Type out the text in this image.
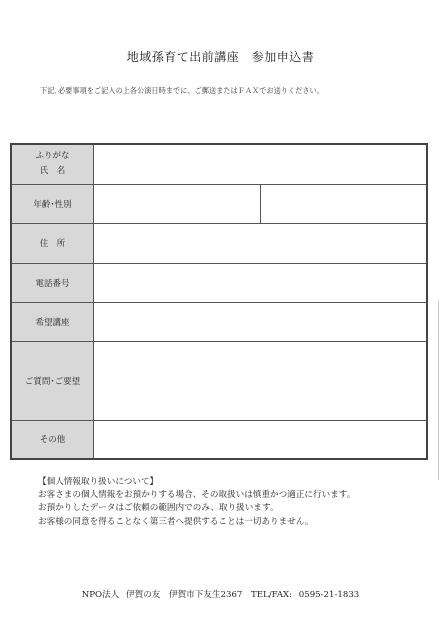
地域孫育て出前講座　参加申込書
下記､必要事項をご記入の上各公演日時までに、ご郵送またはＦＡＸでお送りください。
ふりがな
氏　名		

年齢･性別		
住　所		
電話番号		
希望講座		
ご質問･ご要望		
その他		
【個人情報取り扱いについて】
お客さまの個人情報をお預かりする場合、その取扱いは慎重かつ適正に行います。
お預かりしたデータはご依頼の範囲内でのみ、取り扱います。
お客様の同意を得ることなく第三者へ提供することは一切ありません。
NPO法人 伊賀の友　伊賀市下友生2367　TEL/FAX: 0595-21-1833
